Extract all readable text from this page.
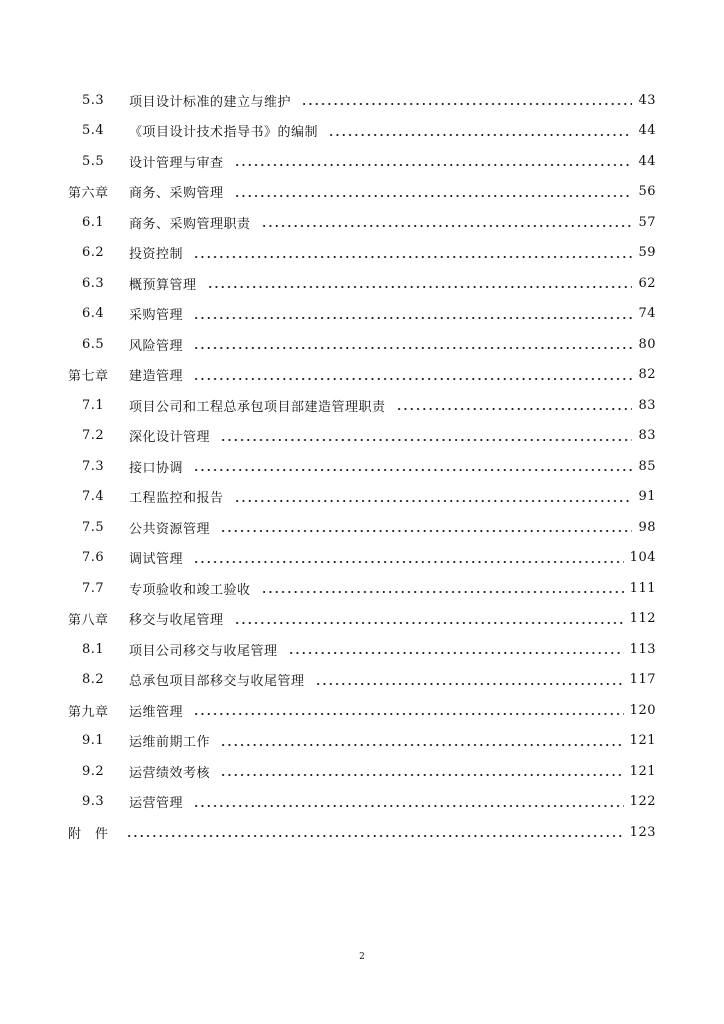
5.3 项目设计标准的建立与维护	43
5.4 《项目设计技术指导书》的编制	44
5.5 设计管理与审查	44
第六章 商务、采购管理	56
6.1 商务、采购管理职责	57
6.2 投资控制	59
6.3 概预算管理	62
6.4 采购管理	74
6.5 风险管理	80
第七章 建造管理	82
7.1 项目公司和工程总承包项目部建造管理职责	83
7.2 深化设计管理	83
7.3 接口协调	85
7.4 工程监控和报告	91
7.5 公共资源管理	98
7.6 调试管理	104
7.7 专项验收和竣工验收	111
第八章 移交与收尾管理	112
8.1 项目公司移交与收尾管理	113
8.2 总承包项目部移交与收尾管理	117
第九章 运维管理	120
9.1 运维前期工作	121
9.2 运营绩效考核	121
9.3 运营管理	122
附件	123
2
